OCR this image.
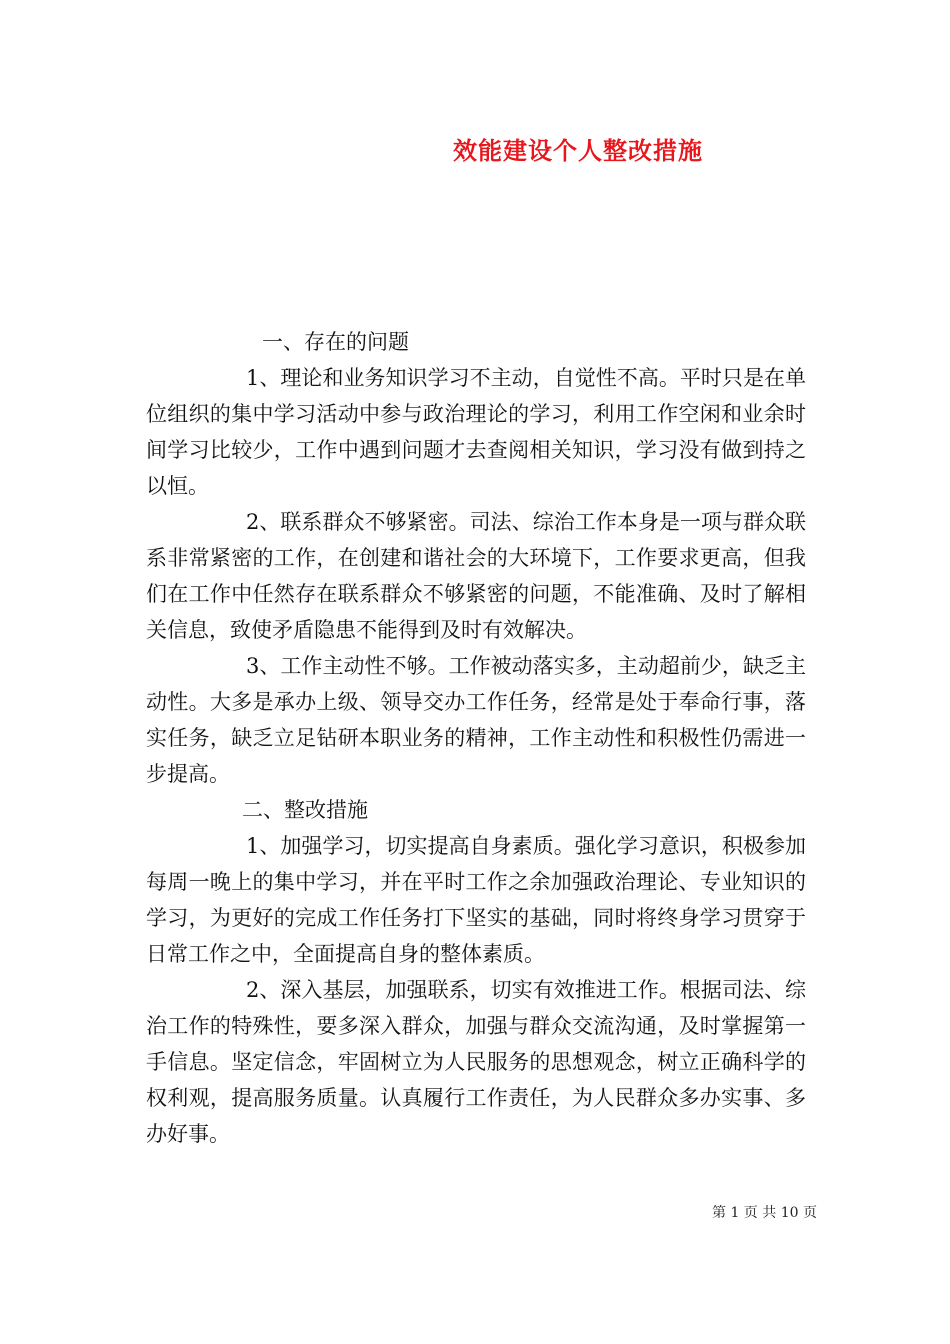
效能建设个人整改措施

一、存在的问题

1、理论和业务知识学习不主动，自觉性不高。平时只是在单位组织的集中学习活动中参与政治理论的学习，利用工作空闲和业余时间学习比较少，工作中遇到问题才去查阅相关知识，学习没有做到持之以恒。

2、联系群众不够紧密。司法、综治工作本身是一项与群众联系非常紧密的工作，在创建和谐社会的大环境下，工作要求更高，但我们在工作中任然存在联系群众不够紧密的问题，不能准确、及时了解相关信息，致使矛盾隐患不能得到及时有效解决。

3、工作主动性不够。工作被动落实多，主动超前少，缺乏主动性。大多是承办上级、领导交办工作任务，经常是处于奉命行事，落实任务，缺乏立足钻研本职业务的精神，工作主动性和积极性仍需进一步提高。

二、整改措施

1、加强学习，切实提高自身素质。强化学习意识，积极参加每周一晚上的集中学习，并在平时工作之余加强政治理论、专业知识的学习，为更好的完成工作任务打下坚实的基础，同时将终身学习贯穿于日常工作之中，全面提高自身的整体素质。

2、深入基层，加强联系，切实有效推进工作。根据司法、综治工作的特殊性，要多深入群众，加强与群众交流沟通，及时掌握第一手信息。坚定信念，牢固树立为人民服务的思想观念，树立正确科学的权利观，提高服务质量。认真履行工作责任，为人民群众多办实事、多办好事。

第 1 页 共 10 页
